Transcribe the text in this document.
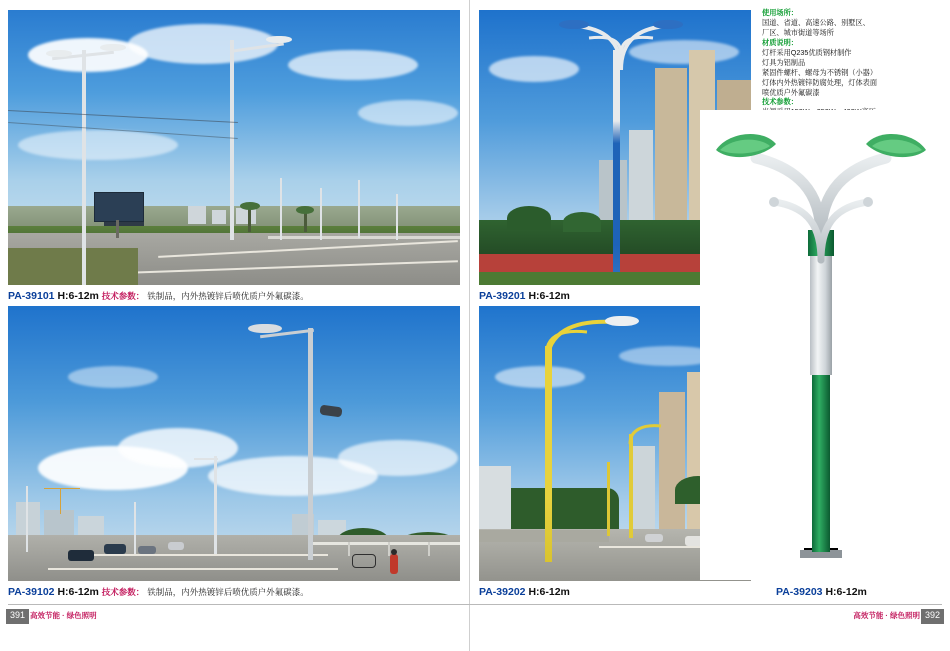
PA-39101 H:6-12m 技术参数： 铁制品，内外热镀锌后喷优质户外氟碳漆。
PA-39102 H:6-12m 技术参数： 铁制品，内外热镀锌后喷优质户外氟碳漆。
PA-39201 H:6-12m
PA-39202 H:6-12m
使用场所：
国道、省道、高速公路、别墅区、
厂区、城市街道等场所
材质说明：
灯杆采用Q235优质钢材制作
灯具为铝制品
紧固件螺杆、螺母为不锈钢（小器）
灯体内外热镀锌防腐处理，灯体表面
喷优质户外氟碳漆
技术参数：
PA-39203 H:6-12m
391 高效节能 · 绿色照明	392
高效节能 · 绿色照明
